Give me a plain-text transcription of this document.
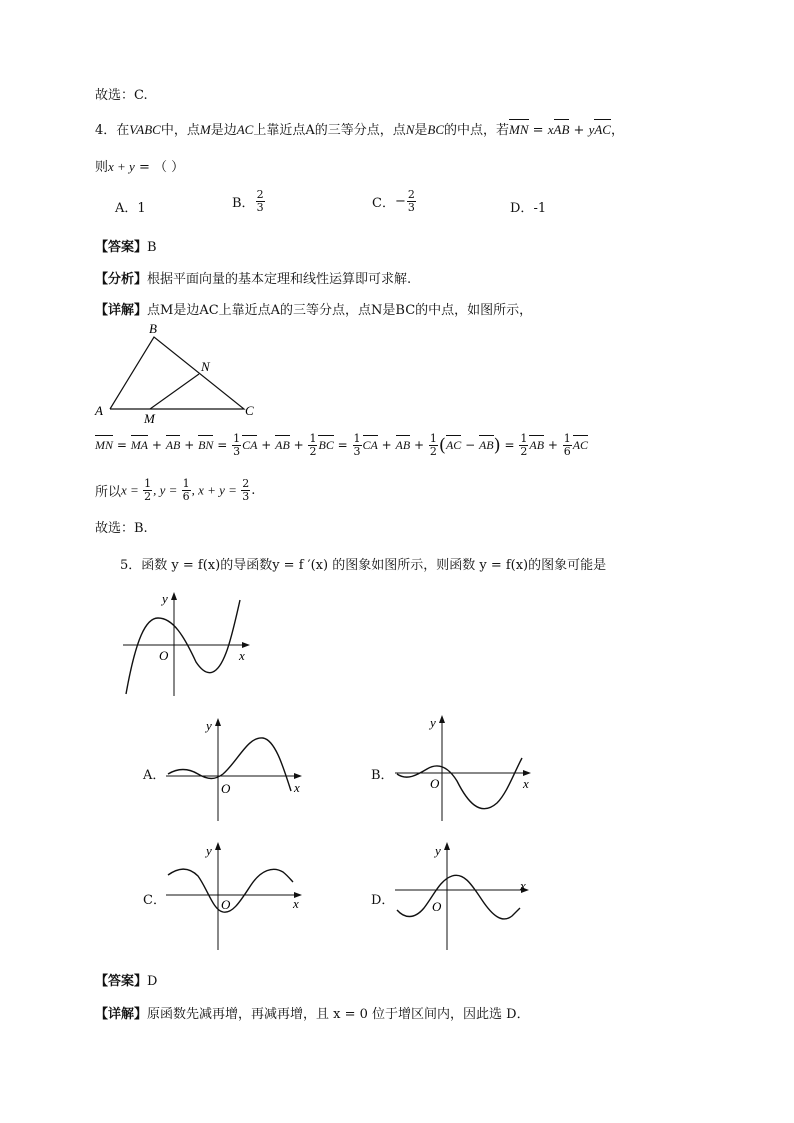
故选：C.
4．在VABC中，点M是边AC上靠近点A的三等分点，点N是BC的中点，若MN = xAB + yAC，
则x + y = （ ）
A．1	B． $\frac{2}{3}$	C．− $\frac{2}{3}$	D．-1
【答案】B
【分析】根据平面向量的基本定理和线性运算即可求解.
【详解】点M是边AC上靠近点A的三等分点，点N是BC的中点，如图所示，
B
A	C
M
N
MN = MA + AB + BN = $\frac{1}{3}$ CA + AB + $\frac{1}{2}$ BC = $\frac{1}{3}$ CA + AB + $\frac{1}{2} (AC - AB) = \frac{1}{2}$ AB + $\frac{1}{6}$ AC
所以$x = \frac{1}{2}$ , $y = \frac{1}{6}$ , $x + y = \frac{2}{3}$ .
故选：B.
5．函数 y = f(x)的导函数y = f ′(x) 的图象如图所示，则函数 y = f(x)的图象可能是
O	x
y
A．
O	x
y
B．
O	x
y
C．	O	x
y
D．	O
x
y
【答案】D
【详解】原函数先减再增，再减再增，且 x = 0 位于增区间内，因此选 D．
